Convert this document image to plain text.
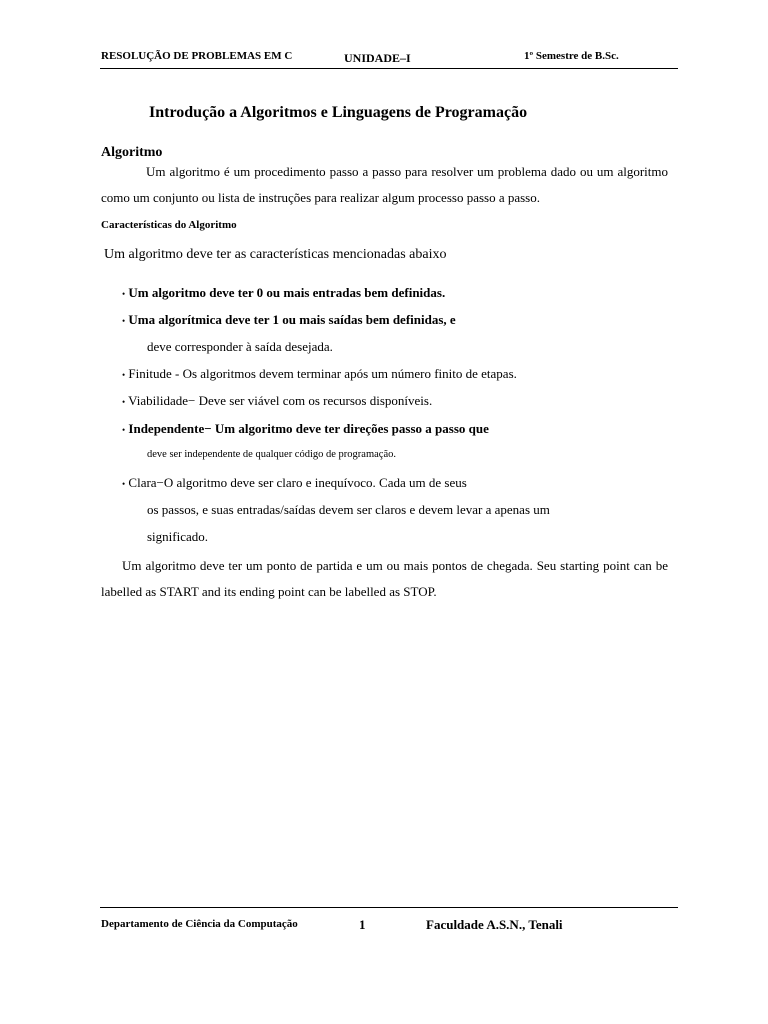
RESOLUÇÃO DE PROBLEMAS EM C	UNIDADE–I	1º Semestre de B.Sc.
Introdução a Algoritmos e Linguagens de Programação
Algoritmo
Um algoritmo é um procedimento passo a passo para resolver um problema dado ou um algoritmo como um conjunto ou lista de instruções para realizar algum processo passo a passo.
Características do Algoritmo
Um algoritmo deve ter as características mencionadas abaixo
• Um algoritmo deve ter 0 ou mais entradas bem definidas.
• Uma algorítmica deve ter 1 ou mais saídas bem definidas, e
deve corresponder à saída desejada.
• Finitude - Os algoritmos devem terminar após um número finito de etapas.
• Viabilidade− Deve ser viável com os recursos disponíveis.
• Independente− Um algoritmo deve ter direções passo a passo que
deve ser independente de qualquer código de programação.
• Clara−O algoritmo deve ser claro e inequívoco. Cada um de seus
os passos, e suas entradas/saídas devem ser claros e devem levar a apenas um
significado.
Um algoritmo deve ter um ponto de partida e um ou mais pontos de chegada. Seu starting point can be labelled as START and its ending point can be labelled as STOP.
Departamento de Ciência da Computação	1	Faculdade A.S.N., Tenali
